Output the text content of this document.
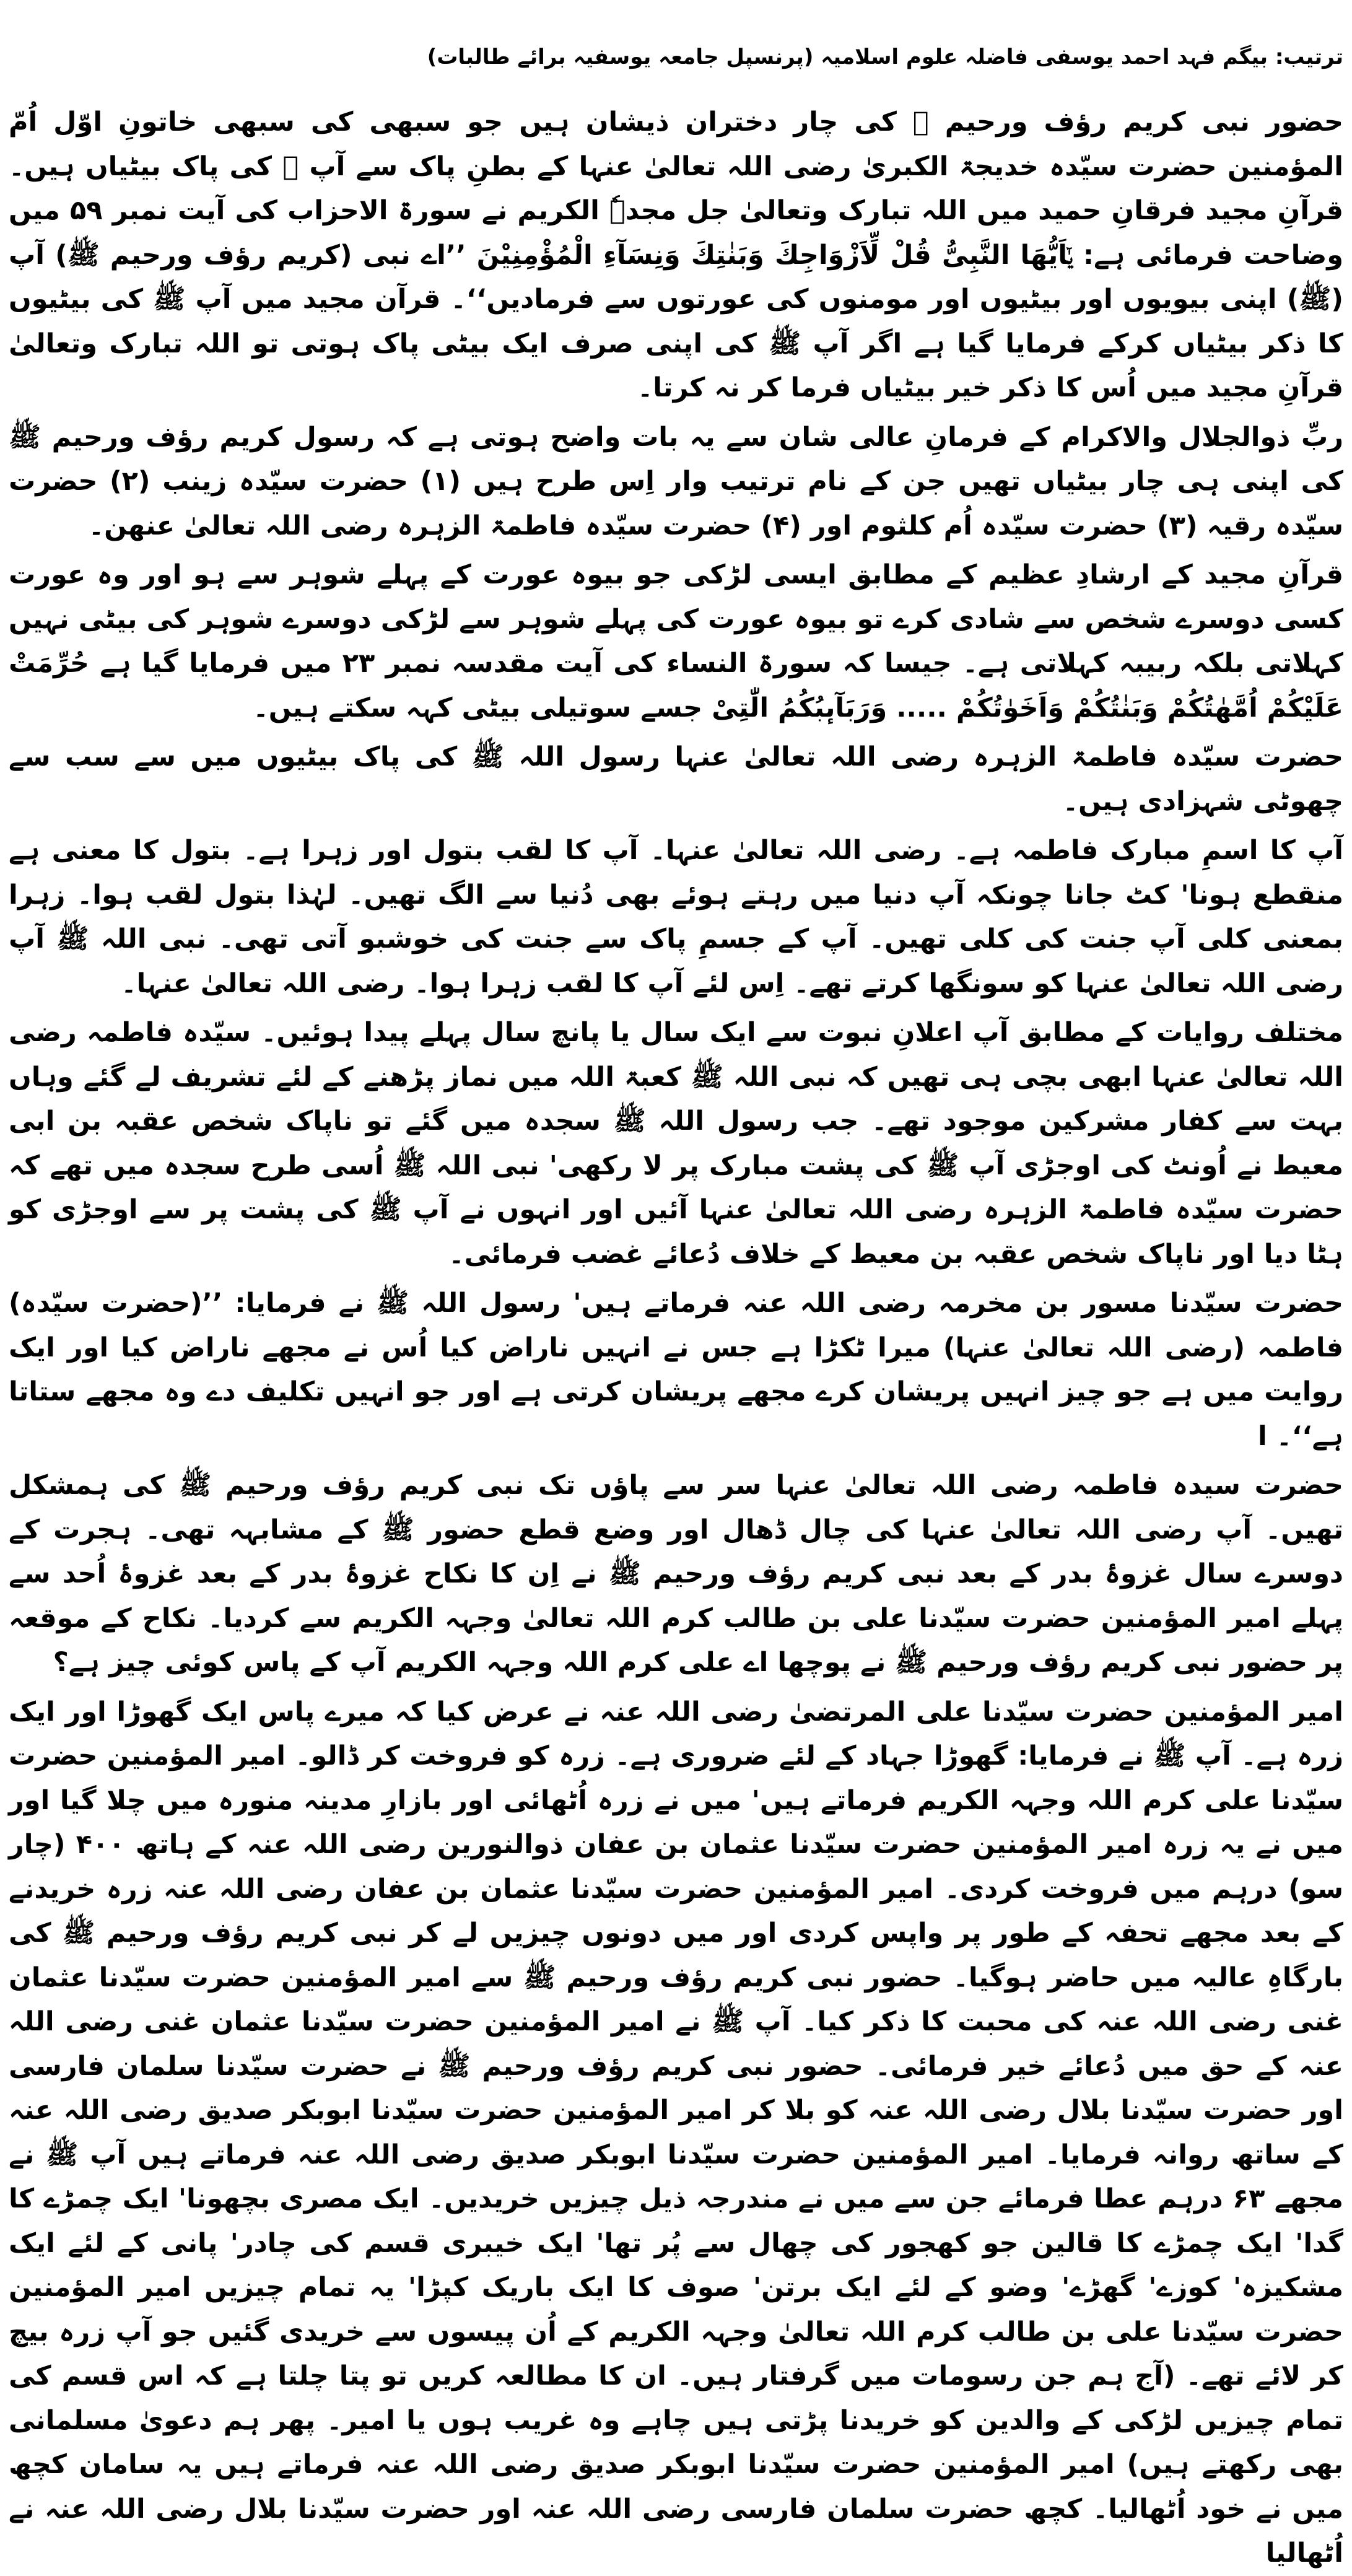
ترتیب: بیگم فہد احمد یوسفی فاضلہ علوم اسلامیہ (پرنسپل جامعہ یوسفیہ برائے طالبات)

حضور نبی کریم رؤف ورحیم ﷺ کی چار دختران ذیشان ہیں جو سبھی کی سبھی خاتونِ اوّل اُمّ المؤمنین حضرت سیّدہ خدیجۃ الکبریٰ رضی اللہ تعالیٰ عنہا کے بطنِ پاک سے آپ ﷺ کی پاک بیٹیاں ہیں۔ قرآنِ مجید فرقانِ حمید میں اللہ تبارک وتعالیٰ جل مجدہٗ الکریم نے سورۃ الاحزاب کی آیت نمبر ۵۹ میں وضاحت فرمائی ہے: یٰۤاَیُّهَا النَّبِیُّ قُلْ لِّاَزْوَاجِكَ وَبَنٰتِكَ وَنِسَآءِ الْمُؤْمِنِیْنَ ’’اے نبی (کریم رؤف ورحیم ﷺ) آپ (ﷺ) اپنی بیویوں اور بیٹیوں اور مومنوں کی عورتوں سے فرمادیں‘‘۔ قرآن مجید میں آپ ﷺ کی بیٹیوں کا ذکر بیٹیاں کرکے فرمایا گیا ہے اگر آپ ﷺ کی اپنی صرف ایک بیٹی پاک ہوتی تو اللہ تبارک وتعالیٰ قرآنِ مجید میں اُس کا ذکر خیر بیٹیاں فرما کر نہ کرتا۔

ربِّ ذوالجلال والاکرام کے فرمانِ عالی شان سے یہ بات واضح ہوتی ہے کہ رسول کریم رؤف ورحیم ﷺ کی اپنی ہی چار بیٹیاں تھیں جن کے نام ترتیب وار اِس طرح ہیں (۱) حضرت سیّدہ زینب (۲) حضرت سیّدہ رقیہ (۳) حضرت سیّدہ اُم کلثوم اور (۴) حضرت سیّدہ فاطمۃ الزہرہ رضی اللہ تعالیٰ عنھن۔

قرآنِ مجید کے ارشادِ عظیم کے مطابق ایسی لڑکی جو بیوہ عورت کے پہلے شوہر سے ہو اور وہ عورت کسی دوسرے شخص سے شادی کرے تو بیوہ عورت کی پہلے شوہر سے لڑکی دوسرے شوہر کی بیٹی نہیں کہلاتی بلکہ ربیبہ کہلاتی ہے۔ جیسا کہ سورۃ النساء کی آیت مقدسہ نمبر ۲۳ میں فرمایا گیا ہے حُرِّمَتْ عَلَیْكُمْ اُمَّهٰتُكُمْ وَبَنٰتُكُمْ وَاَخَوٰتُكُمْ ..... وَرَبَآىٕبُكُمُ الّٰتِیْ جسے سوتیلی بیٹی کہہ سکتے ہیں۔

حضرت سیّدہ فاطمۃ الزہرہ رضی اللہ تعالیٰ عنہا رسول اللہ ﷺ کی پاک بیٹیوں میں سے سب سے چھوٹی شہزادی ہیں۔

آپ کا اسمِ مبارک فاطمہ ہے۔ رضی اللہ تعالیٰ عنہا۔ آپ کا لقب بتول اور زہرا ہے۔ بتول کا معنی ہے منقطع ہونا' کٹ جانا چونکہ آپ دنیا میں رہتے ہوئے بھی دُنیا سے الگ تھیں۔ لہٰذا بتول لقب ہوا۔ زہرا بمعنی کلی آپ جنت کی کلی تھیں۔ آپ کے جسمِ پاک سے جنت کی خوشبو آتی تھی۔ نبی اللہ ﷺ آپ رضی اللہ تعالیٰ عنہا کو سونگھا کرتے تھے۔ اِس لئے آپ کا لقب زہرا ہوا۔ رضی اللہ تعالیٰ عنہا۔

مختلف روایات کے مطابق آپ اعلانِ نبوت سے ایک سال یا پانچ سال پہلے پیدا ہوئیں۔ سیّدہ فاطمہ رضی اللہ تعالیٰ عنہا ابھی بچی ہی تھیں کہ نبی اللہ ﷺ کعبۃ اللہ میں نماز پڑھنے کے لئے تشریف لے گئے وہاں بہت سے کفار مشرکین موجود تھے۔ جب رسول اللہ ﷺ سجدہ میں گئے تو ناپاک شخص عقبہ بن ابی معیط نے اُونٹ کی اوجڑی آپ ﷺ کی پشت مبارک پر لا رکھی' نبی اللہ ﷺ اُسی طرح سجدہ میں تھے کہ حضرت سیّدہ فاطمۃ الزہرہ رضی اللہ تعالیٰ عنہا آئیں اور انہوں نے آپ ﷺ کی پشت پر سے اوجڑی کو ہٹا دیا اور ناپاک شخص عقبہ بن معیط کے خلاف دُعائے غضب فرمائی۔

حضرت سیّدنا مسور بن مخرمہ رضی اللہ عنہ فرماتے ہیں' رسول اللہ ﷺ نے فرمایا: ’’(حضرت سیّدہ) فاطمہ (رضی اللہ تعالیٰ عنہا) میرا ٹکڑا ہے جس نے انہیں ناراض کیا اُس نے مجھے ناراض کیا اور ایک روایت میں ہے جو چیز انہیں پریشان کرے مجھے پریشان کرتی ہے اور جو انہیں تکلیف دے وہ مجھے ستاتا ہے‘‘۔ ا

حضرت سیدہ فاطمہ رضی اللہ تعالیٰ عنہا سر سے پاؤں تک نبی کریم رؤف ورحیم ﷺ کی ہمشکل تھیں۔ آپ رضی اللہ تعالیٰ عنہا کی چال ڈھال اور وضع قطع حضور ﷺ کے مشابہہ تھی۔ ہجرت کے دوسرے سال غزوۂ بدر کے بعد نبی کریم رؤف ورحیم ﷺ نے اِن کا نکاح غزوۂ بدر کے بعد غزوۂ اُحد سے پہلے امیر المؤمنین حضرت سیّدنا علی بن طالب کرم اللہ تعالیٰ وجہہ الکریم سے کردیا۔ نکاح کے موقعہ پر حضور نبی کریم رؤف ورحیم ﷺ نے پوچھا اے علی کرم اللہ وجہہ الکریم آپ کے پاس کوئی چیز ہے؟

امیر المؤمنین حضرت سیّدنا علی المرتضیٰ رضی اللہ عنہ نے عرض کیا کہ میرے پاس ایک گھوڑا اور ایک زرہ ہے۔ آپ ﷺ نے فرمایا: گھوڑا جہاد کے لئے ضروری ہے۔ زرہ کو فروخت کر ڈالو۔ امیر المؤمنین حضرت سیّدنا علی کرم اللہ وجہہ الکریم فرماتے ہیں' میں نے زرہ اُٹھائی اور بازارِ مدینہ منورہ میں چلا گیا اور میں نے یہ زرہ امیر المؤمنین حضرت سیّدنا عثمان بن عفان ذوالنورین رضی اللہ عنہ کے ہاتھ ۴۰۰ (چار سو) درہم میں فروخت کردی۔ امیر المؤمنین حضرت سیّدنا عثمان بن عفان رضی اللہ عنہ زرہ خریدنے کے بعد مجھے تحفہ کے طور پر واپس کردی اور میں دونوں چیزیں لے کر نبی کریم رؤف ورحیم ﷺ کی بارگاہِ عالیہ میں حاضر ہوگیا۔ حضور نبی کریم رؤف ورحیم ﷺ سے امیر المؤمنین حضرت سیّدنا عثمان غنی رضی اللہ عنہ کی محبت کا ذکر کیا۔ آپ ﷺ نے امیر المؤمنین حضرت سیّدنا عثمان غنی رضی اللہ عنہ کے حق میں دُعائے خیر فرمائی۔ حضور نبی کریم رؤف ورحیم ﷺ نے حضرت سیّدنا سلمان فارسی اور حضرت سیّدنا بلال رضی اللہ عنہ کو بلا کر امیر المؤمنین حضرت سیّدنا ابوبکر صدیق رضی اللہ عنہ کے ساتھ روانہ فرمایا۔ امیر المؤمنین حضرت سیّدنا ابوبکر صدیق رضی اللہ عنہ فرماتے ہیں آپ ﷺ نے مجھے ۶۳ درہم عطا فرمائے جن سے میں نے مندرجہ ذیل چیزیں خریدیں۔ ایک مصری بچھونا' ایک چمڑے کا گدا' ایک چمڑے کا قالین جو کھجور کی چھال سے پُر تھا' ایک خیبری قسم کی چادر' پانی کے لئے ایک مشکیزہ' کوزے' گھڑے' وضو کے لئے ایک برتن' صوف کا ایک باریک کپڑا' یہ تمام چیزیں امیر المؤمنین حضرت سیّدنا علی بن طالب کرم اللہ تعالیٰ وجہہ الکریم کے اُن پیسوں سے خریدی گئیں جو آپ زرہ بیچ کر لائے تھے۔ (آج ہم جن رسومات میں گرفتار ہیں۔ ان کا مطالعہ کریں تو پتا چلتا ہے کہ اس قسم کی تمام چیزیں لڑکی کے والدین کو خریدنا پڑتی ہیں چاہے وہ غریب ہوں یا امیر۔ پھر ہم دعویٰ مسلمانی بھی رکھتے ہیں) امیر المؤمنین حضرت سیّدنا ابوبکر صدیق رضی اللہ عنہ فرماتے ہیں یہ سامان کچھ میں نے خود اُٹھالیا۔ کچھ حضرت سلمان فارسی رضی اللہ عنہ اور حضرت سیّدنا بلال رضی اللہ عنہ نے اُٹھالیا
